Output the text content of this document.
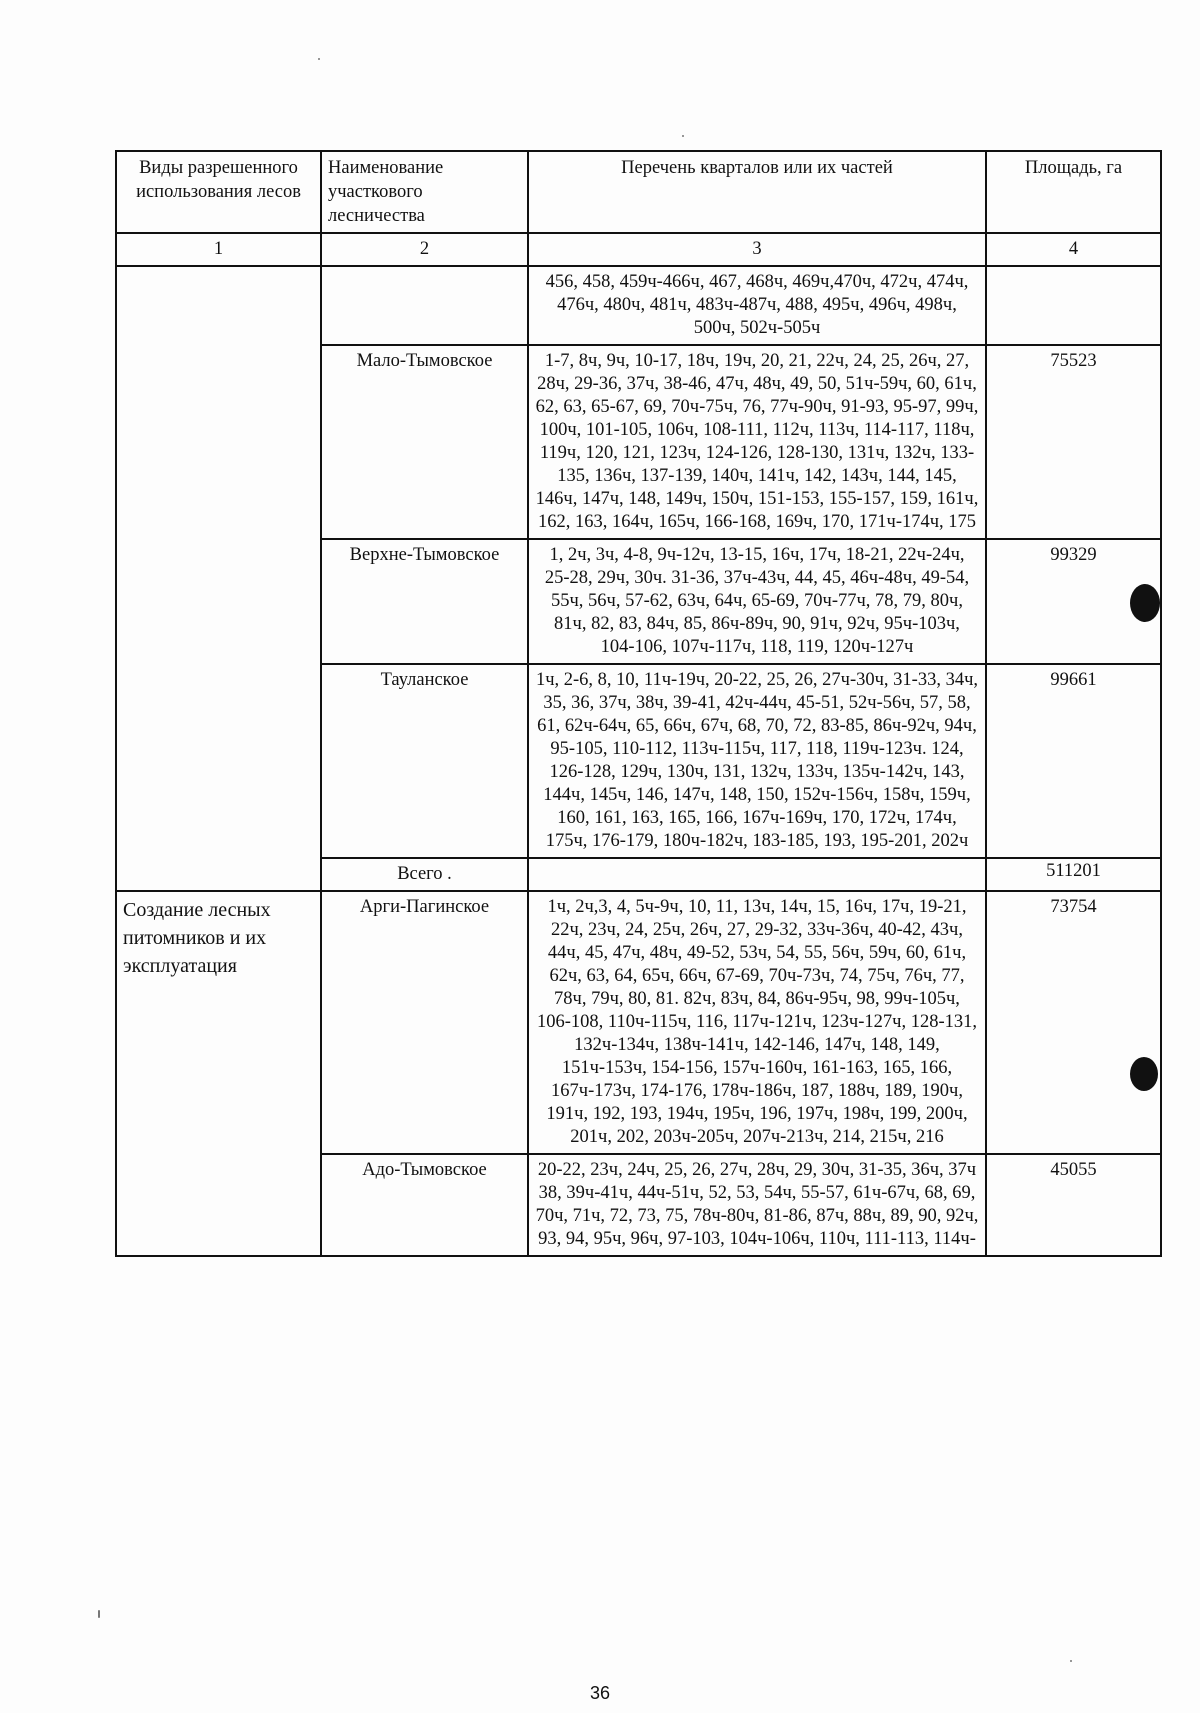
Виды разрешенного использования лесов	Наименование участкового лесничества	Перечень кварталов или их частей	Площадь, га
1	2	3	4
		456, 458, 459ч-466ч, 467, 468ч, 469ч,470ч, 472ч, 474ч, 476ч, 480ч, 481ч, 483ч-487ч, 488, 495ч, 496ч, 498ч, 500ч, 502ч-505ч	
	Мало-Тымовское	1-7, 8ч, 9ч, 10-17, 18ч, 19ч, 20, 21, 22ч, 24, 25, 26ч, 27, 28ч, 29-36, 37ч, 38-46, 47ч, 48ч, 49, 50, 51ч-59ч, 60, 61ч, 62, 63, 65-67, 69, 70ч-75ч, 76, 77ч-90ч, 91-93, 95-97, 99ч, 100ч, 101-105, 106ч, 108-111, 112ч, 113ч, 114-117, 118ч, 119ч, 120, 121, 123ч, 124-126, 128-130, 131ч, 132ч, 133-135, 136ч, 137-139, 140ч, 141ч, 142, 143ч, 144, 145, 146ч, 147ч, 148, 149ч, 150ч, 151-153, 155-157, 159, 161ч, 162, 163, 164ч, 165ч, 166-168, 169ч, 170, 171ч-174ч, 175	75523
	Верхне-Тымовское	1, 2ч, 3ч, 4-8, 9ч-12ч, 13-15, 16ч, 17ч, 18-21, 22ч-24ч, 25-28, 29ч, 30ч. 31-36, 37ч-43ч, 44, 45, 46ч-48ч, 49-54, 55ч, 56ч, 57-62, 63ч, 64ч, 65-69, 70ч-77ч, 78, 79, 80ч, 81ч, 82, 83, 84ч, 85, 86ч-89ч, 90, 91ч, 92ч, 95ч-103ч, 104-106, 107ч-117ч, 118, 119, 120ч-127ч	99329
	Тауланское	1ч, 2-6, 8, 10, 11ч-19ч, 20-22, 25, 26, 27ч-30ч, 31-33, 34ч, 35, 36, 37ч, 38ч, 39-41, 42ч-44ч, 45-51, 52ч-56ч, 57, 58, 61, 62ч-64ч, 65, 66ч, 67ч, 68, 70, 72, 83-85, 86ч-92ч, 94ч, 95-105, 110-112, 113ч-115ч, 117, 118, 119ч-123ч. 124, 126-128, 129ч, 130ч, 131, 132ч, 133ч, 135ч-142ч, 143, 144ч, 145ч, 146, 147ч, 148, 150, 152ч-156ч, 158ч, 159ч, 160, 161, 163, 165, 166, 167ч-169ч, 170, 172ч, 174ч, 175ч, 176-179, 180ч-182ч, 183-185, 193, 195-201, 202ч	99661
	Всего .		511201
Создание лесных питомников и их эксплуатация	Арги-Пагинское	1ч, 2ч,3, 4, 5ч-9ч, 10, 11, 13ч, 14ч, 15, 16ч, 17ч, 19-21, 22ч, 23ч, 24, 25ч, 26ч, 27, 29-32, 33ч-36ч, 40-42, 43ч, 44ч, 45, 47ч, 48ч, 49-52, 53ч, 54, 55, 56ч, 59ч, 60, 61ч, 62ч, 63, 64, 65ч, 66ч, 67-69, 70ч-73ч, 74, 75ч, 76ч, 77, 78ч, 79ч, 80, 81. 82ч, 83ч, 84, 86ч-95ч, 98, 99ч-105ч, 106-108, 110ч-115ч, 116, 117ч-121ч, 123ч-127ч, 128-131, 132ч-134ч, 138ч-141ч, 142-146, 147ч, 148, 149, 151ч-153ч, 154-156, 157ч-160ч, 161-163, 165, 166, 167ч-173ч, 174-176, 178ч-186ч, 187, 188ч, 189, 190ч, 191ч, 192, 193, 194ч, 195ч, 196, 197ч, 198ч, 199, 200ч, 201ч, 202, 203ч-205ч, 207ч-213ч, 214, 215ч, 216	73754
	Адо-Тымовское	20-22, 23ч, 24ч, 25, 26, 27ч, 28ч, 29, 30ч, 31-35, 36ч, 37ч 38, 39ч-41ч, 44ч-51ч, 52, 53, 54ч, 55-57, 61ч-67ч, 68, 69, 70ч, 71ч, 72, 73, 75, 78ч-80ч, 81-86, 87ч, 88ч, 89, 90, 92ч, 93, 94, 95ч, 96ч, 97-103, 104ч-106ч, 110ч, 111-113, 114ч-	45055
36
